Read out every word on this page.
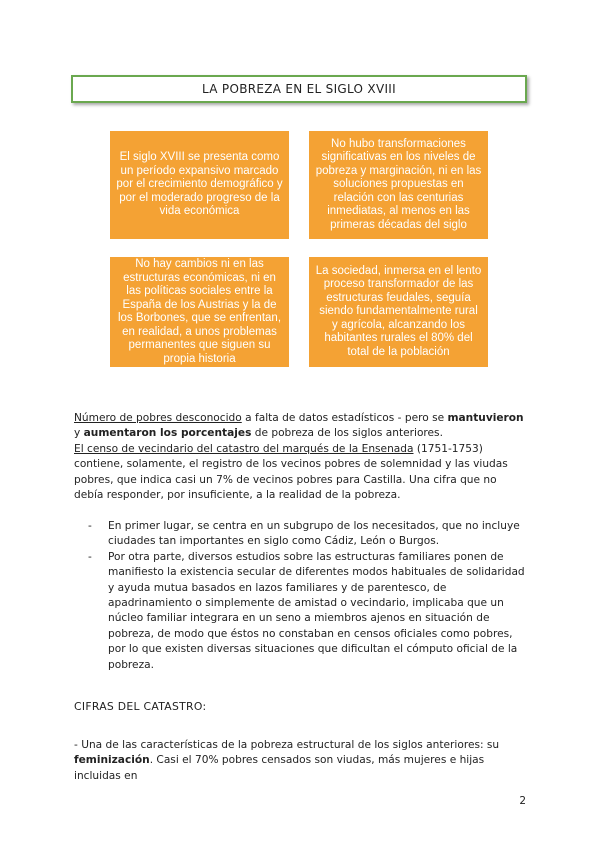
LA POBREZA EN EL SIGLO XVIII
El siglo XVIII se presenta como un período expansivo marcado por el crecimiento demográfico y por el moderado progreso de la vida económica
No hubo transformaciones significativas en los niveles de pobreza y marginación, ni en las soluciones propuestas en relación con las centurias inmediatas, al menos en las primeras décadas del siglo
No hay cambios ni en las estructuras económicas, ni en las políticas sociales entre la España de los Austrias y la de los Borbones, que se enfrentan, en realidad, a unos problemas permanentes que siguen su propia historia
La sociedad, inmersa en el lento proceso transformador de las estructuras feudales, seguía siendo fundamentalmente rural y agrícola, alcanzando los habitantes rurales el 80% del total de la población
Número de pobres desconocido a falta de datos estadísticos - pero se mantuvieron y aumentaron los porcentajes de pobreza de los siglos anteriores.
El censo de vecindario del catastro del marqués de la Ensenada (1751-1753) contiene, solamente, el registro de los vecinos pobres de solemnidad y las viudas pobres, que indica casi un 7% de vecinos pobres para Castilla. Una cifra que no debía responder, por insuficiente, a la realidad de la pobreza.
- En primer lugar, se centra en un subgrupo de los necesitados, que no incluye ciudades tan importantes en siglo como Cádiz, León o Burgos.
- Por otra parte, diversos estudios sobre las estructuras familiares ponen de manifiesto la existencia secular de diferentes modos habituales de solidaridad y ayuda mutua basados en lazos familiares y de parentesco, de apadrinamiento o simplemente de amistad o vecindario, implicaba que un núcleo familiar integrara en un seno a miembros ajenos en situación de pobreza, de modo que éstos no constaban en censos oficiales como pobres, por lo que existen diversas situaciones que dificultan el cómputo oficial de la pobreza.
CIFRAS DEL CATASTRO:
- Una de las características de la pobreza estructural de los siglos anteriores: su feminización. Casi el 70% pobres censados son viudas, más mujeres e hijas incluidas en
2
